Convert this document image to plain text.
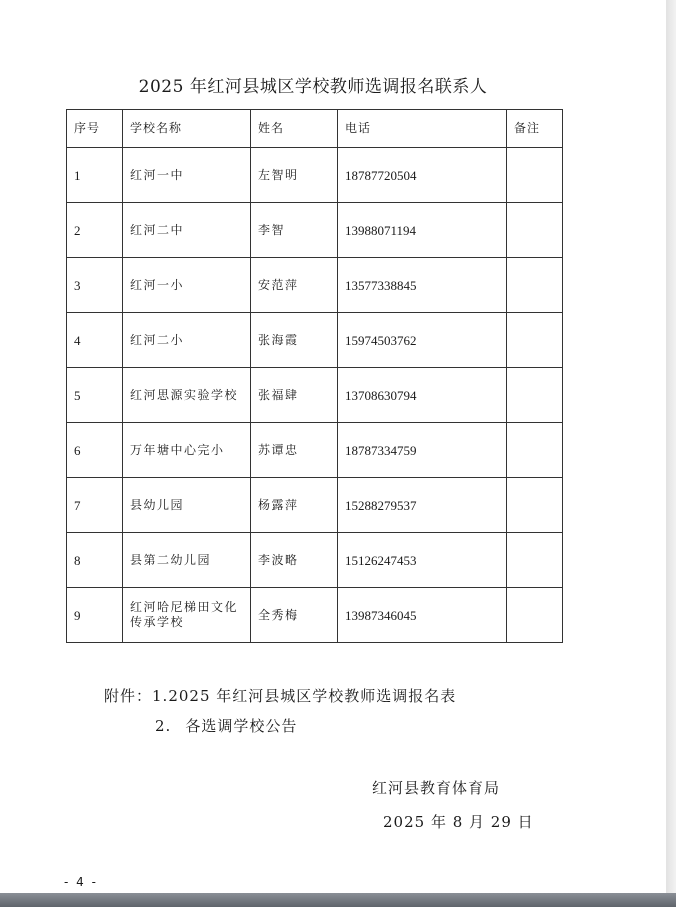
2025 年红河县城区学校教师选调报名联系人
序号	学校名称	姓名	电话	备注
1	红河一中	左智明	18787720504	
2	红河二中	李智	13988071194	
3	红河一小	安范萍	13577338845	
4	红河二小	张海霞	15974503762	
5	红河思源实验学校	张福肆	13708630794	
6	万年塘中心完小	苏谭忠	18787334759	
7	县幼儿园	杨露萍	15288279537	
8	县第二幼儿园	李波略	15126247453	
9	红河哈尼梯田文化传承学校	全秀梅	13987346045	
附件：1.2025 年红河县城区学校教师选调报名表
2. 各选调学校公告
红河县教育体育局
2025 年 8 月 29 日
- 4 -
